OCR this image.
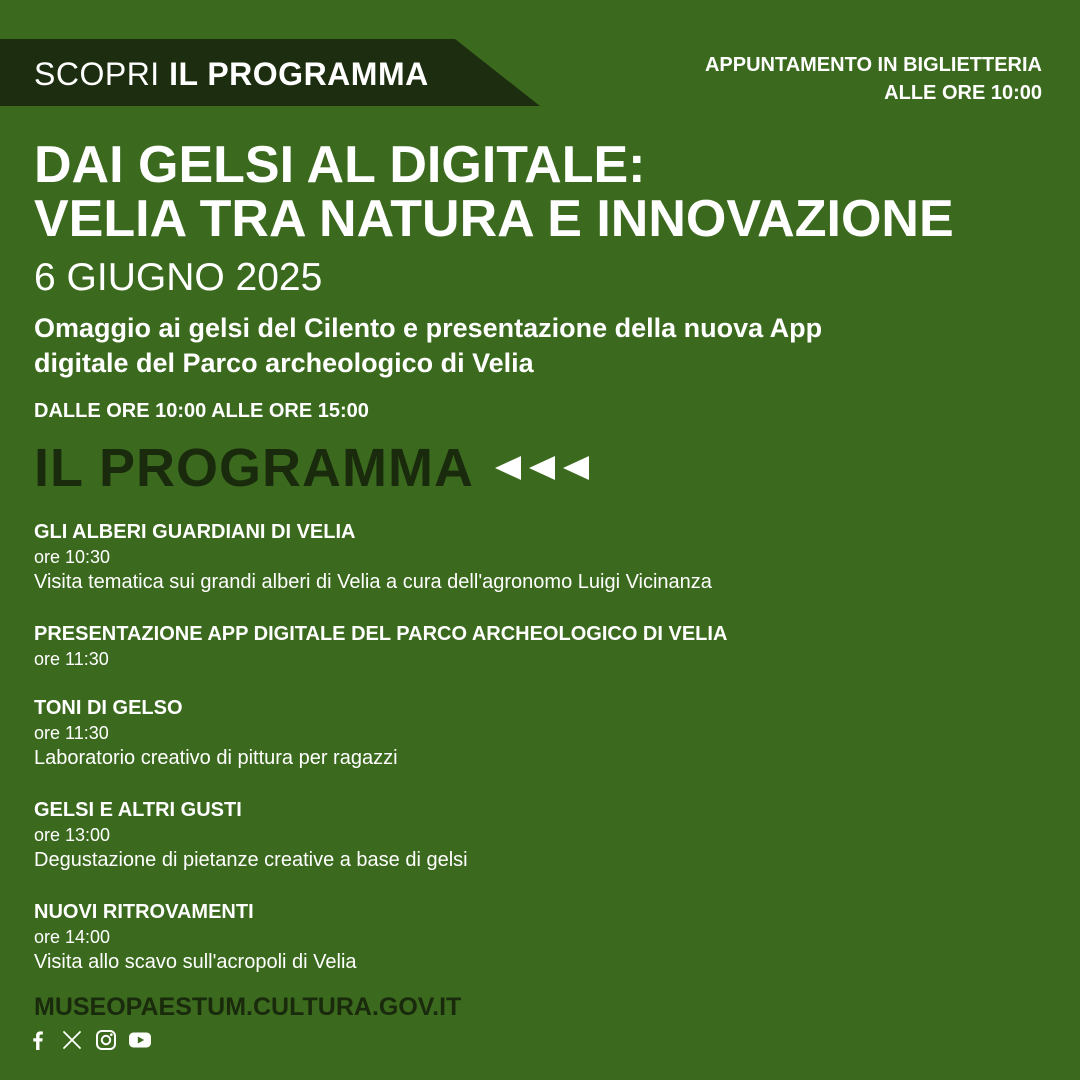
SCOPRI IL PROGRAMMA	APPUNTAMENTO IN BIGLIETTERIA
ALLE ORE 10:00
DAI GELSI AL DIGITALE:
VELIA TRA NATURA E INNOVAZIONE
6 GIUGNO 2025
Omaggio ai gelsi del Cilento e presentazione della nuova App
digitale del Parco archeologico di Velia
DALLE ORE 10:00 ALLE ORE 15:00
IL PROGRAMMA
GLI ALBERI GUARDIANI DI VELIA
ore 10:30
Visita tematica sui grandi alberi di Velia a cura dell'agronomo Luigi Vicinanza
PRESENTAZIONE APP DIGITALE DEL PARCO ARCHEOLOGICO DI VELIA
ore 11:30
TONI DI GELSO
ore 11:30
Laboratorio creativo di pittura per ragazzi
GELSI E ALTRI GUSTI
ore 13:00
Degustazione di pietanze creative a base di gelsi
NUOVI RITROVAMENTI
ore 14:00
Visita allo scavo sull'acropoli di Velia
MUSEOPAESTUM.CULTURA.GOV.IT
